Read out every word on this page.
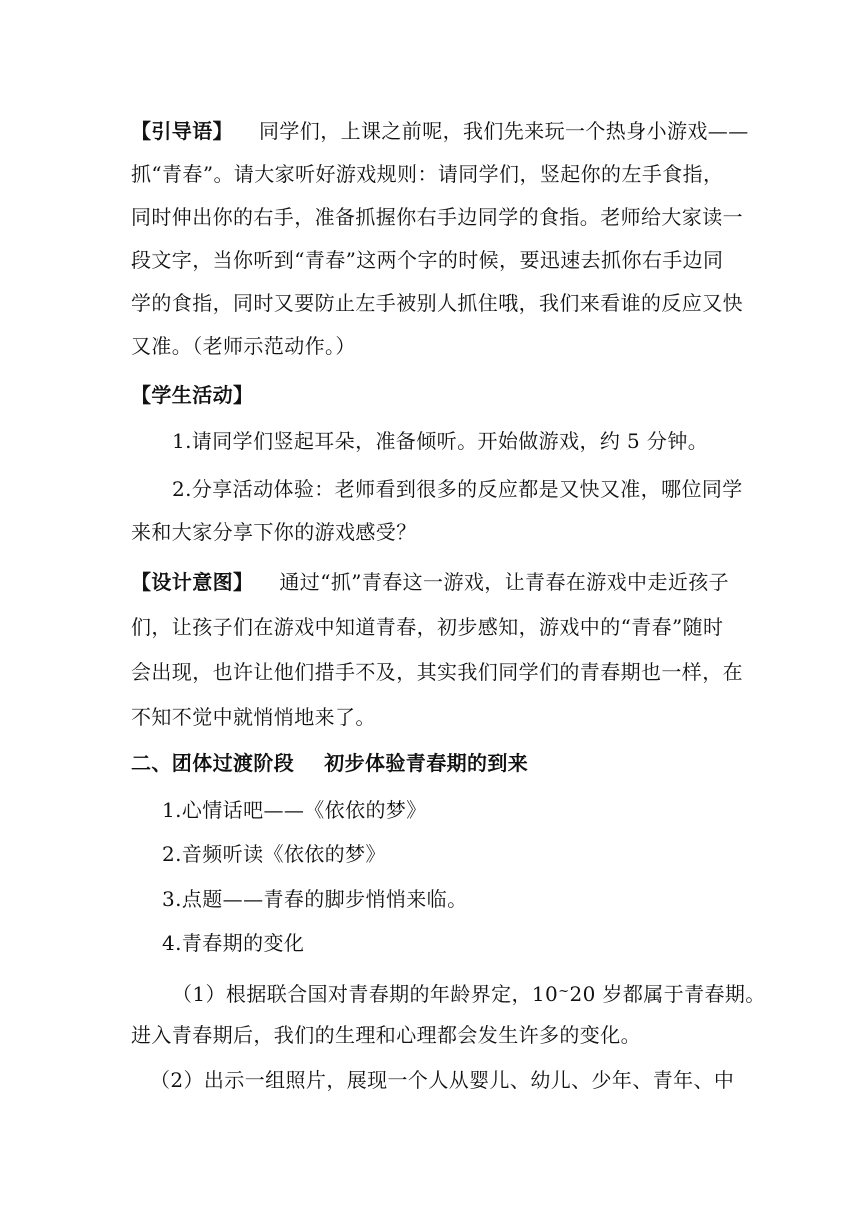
【引导语】 同学们，上课之前呢，我们先来玩一个热身小游戏——
抓“青春”。请大家听好游戏规则：请同学们，竖起你的左手食指，
同时伸出你的右手，准备抓握你右手边同学的食指。老师给大家读一
段文字，当你听到“青春”这两个字的时候，要迅速去抓你右手边同
学的食指，同时又要防止左手被别人抓住哦，我们来看谁的反应又快
又准。（老师示范动作。）
【学生活动】
1.请同学们竖起耳朵，准备倾听。开始做游戏，约 5 分钟。
2.分享活动体验：老师看到很多的反应都是又快又准，哪位同学
来和大家分享下你的游戏感受？
【设计意图】 通过“抓”青春这一游戏，让青春在游戏中走近孩子
们，让孩子们在游戏中知道青春，初步感知，游戏中的“青春”随时
会出现，也许让他们措手不及，其实我们同学们的青春期也一样，在
不知不觉中就悄悄地来了。
二、团体过渡阶段 初步体验青春期的到来
1.心情话吧——《依依的梦》
2.音频听读《依依的梦》
3.点题——青春的脚步悄悄来临。
4.青春期的变化
（1）根据联合国对青春期的年龄界定，10~20 岁都属于青春期。
进入青春期后，我们的生理和心理都会发生许多的变化。
（2）出示一组照片，展现一个人从婴儿、幼儿、少年、青年、中
